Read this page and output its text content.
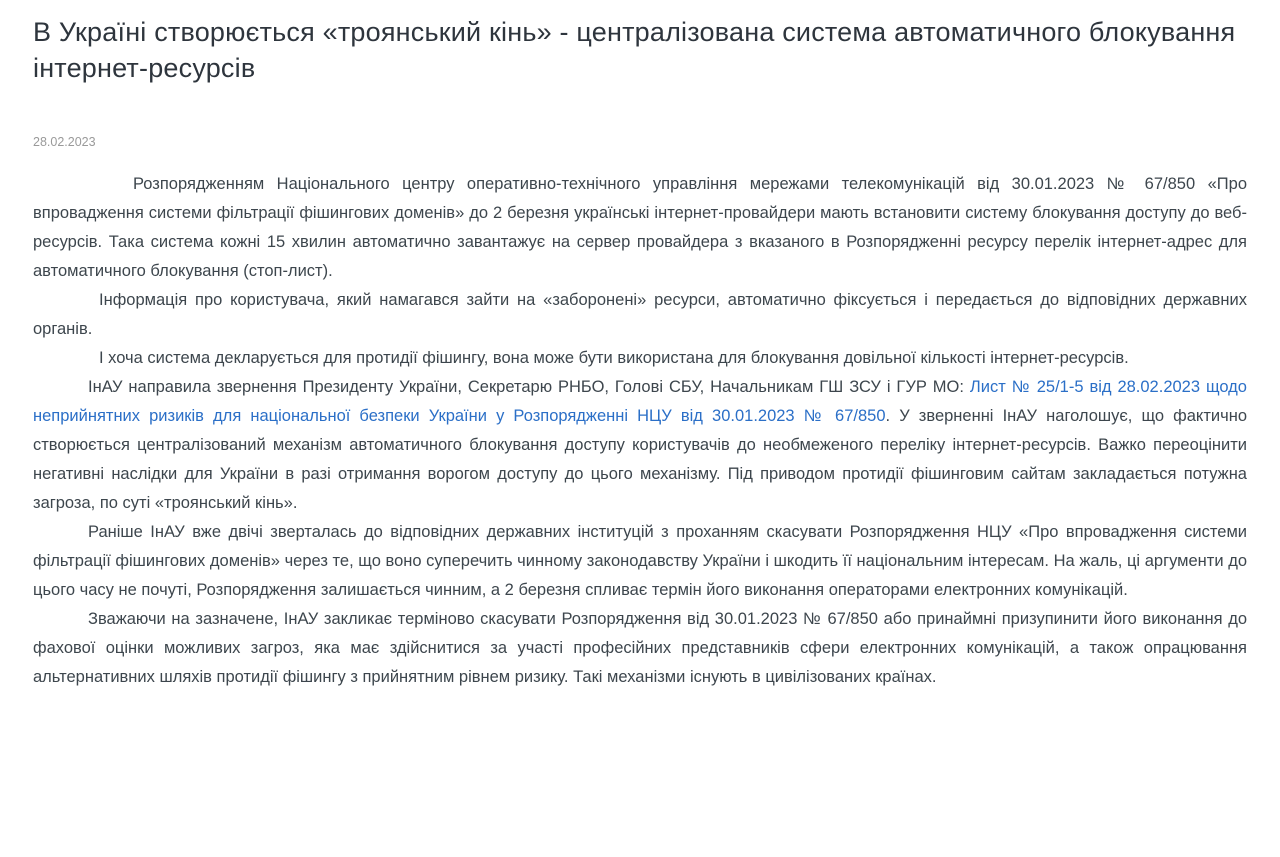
В Україні створюється «троянський кінь» - централізована система автоматичного блокування інтернет-ресурсів
28.02.2023

Розпорядженням Національного центру оперативно-технічного управління мережами телекомунікацій від 30.01.2023 № 67/850 «Про впровадження системи фільтрації фішингових доменів» до 2 березня українські інтернет-провайдери мають встановити систему блокування доступу до веб-ресурсів. Така система кожні 15 хвилин автоматично завантажує на сервер провайдера з вказаного в Розпорядженні ресурсу перелік інтернет-адрес для автоматичного блокування (стоп-лист).

Інформація про користувача, який намагався зайти на «заборонені» ресурси, автоматично фіксується і передається до відповідних державних органів.

І хоча система декларується для протидії фішингу, вона може бути використана для блокування довільної кількості інтернет-ресурсів.

ІнАУ направила звернення Президенту України, Секретарю РНБО, Голові СБУ, Начальникам ГШ ЗСУ і ГУР МО: Лист № 25/1-5 від 28.02.2023 щодо неприйнятних ризиків для національної безпеки України у Розпорядженні НЦУ від 30.01.2023 № 67/850. У зверненні ІнАУ наголошує, що фактично створюється централізований механізм автоматичного блокування доступу користувачів до необмеженого переліку інтернет-ресурсів. Важко переоцінити негативні наслідки для України в разі отримання ворогом доступу до цього механізму. Під приводом протидії фішинговим сайтам закладається потужна загроза, по суті «троянський кінь».

Раніше ІнАУ вже двічі зверталась до відповідних державних інституцій з проханням скасувати Розпорядження НЦУ «Про впровадження системи фільтрації фішингових доменів» через те, що воно суперечить чинному законодавству України і шкодить її національним інтересам. На жаль, ці аргументи до цього часу не почуті, Розпорядження залишається чинним, а 2 березня спливає термін його виконання операторами електронних комунікацій.

Зважаючи на зазначене, ІнАУ закликає терміново скасувати Розпорядження від 30.01.2023 № 67/850 або принаймні призупинити його виконання до фахової оцінки можливих загроз, яка має здійснитися за участі професійних представників сфери електронних комунікацій, а також опрацювання альтернативних шляхів протидії фішингу з прийнятним рівнем ризику. Такі механізми існують в цивілізованих країнах.
